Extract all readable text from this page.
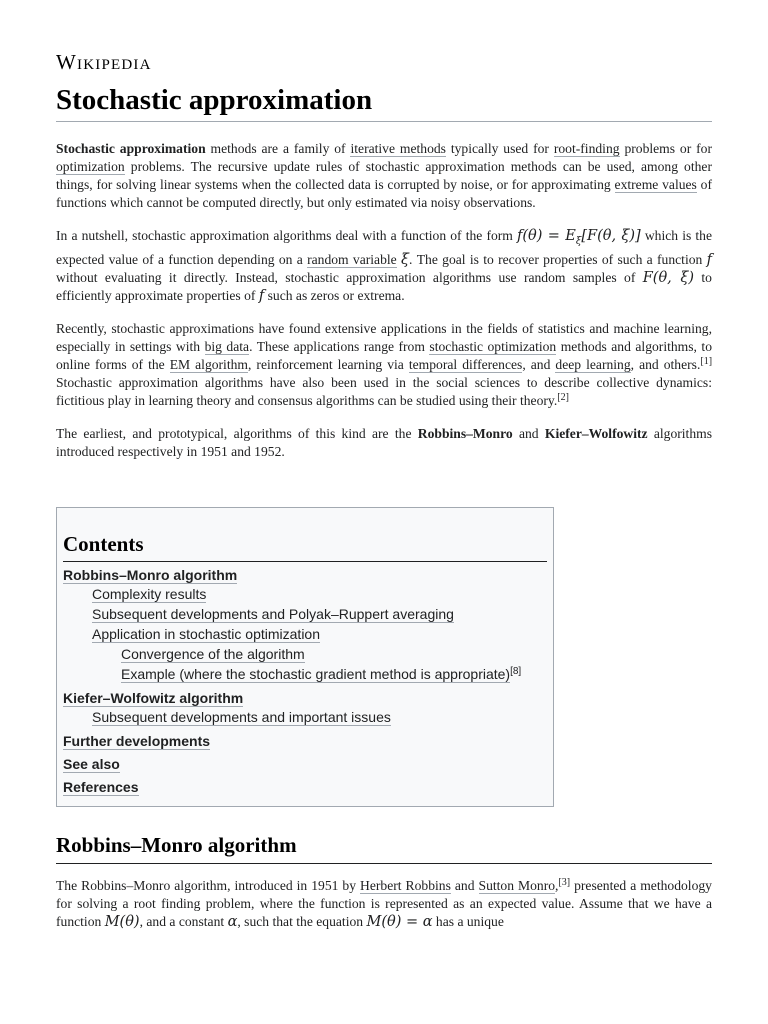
Wikipedia
Stochastic approximation

Stochastic approximation methods are a family of iterative methods typically used for root-finding problems or for optimization problems. The recursive update rules of stochastic approximation methods can be used, among other things, for solving linear systems when the collected data is corrupted by noise, or for approximating extreme values of functions which cannot be computed directly, but only estimated via noisy observations.

In a nutshell, stochastic approximation algorithms deal with a function of the form $f(\theta) = E_\xi[F(\theta$, ξ)] which is the expected value of a function depending on a random variable ξ. The goal is to recover properties of such a function f without evaluating it directly. Instead, stochastic approximation algorithms use random samples of F(θ, ξ) to efficiently approximate properties of f such as zeros or extrema.

Recently, stochastic approximations have found extensive applications in the fields of statistics and machine learning, especially in settings with big data. These applications range from stochastic optimization methods and algorithms, to online forms of the EM algorithm, reinforcement learning via temporal differences, and deep learning, and others.[1] Stochastic approximation algorithms have also been used in the social sciences to describe collective dynamics: fictitious play in learning theory and consensus algorithms can be studied using their theory.[2]

The earliest, and prototypical, algorithms of this kind are the Robbins–Monro and Kiefer–Wolfowitz algorithms introduced respectively in 1951 and 1952.

Contents
Robbins–Monro algorithm
Complexity results
Subsequent developments and Polyak–Ruppert averaging
Application in stochastic optimization
Convergence of the algorithm
Example (where the stochastic gradient method is appropriate)[8]
Kiefer–Wolfowitz algorithm
Subsequent developments and important issues
Further developments
See also
References
Robbins–Monro algorithm

The Robbins–Monro algorithm, introduced in 1951 by Herbert Robbins and Sutton Monro,[3] presented a methodology for solving a root finding problem, where the function is represented as an expected value. Assume that we have a function M(θ), and a constant α, such that the equation M(θ) = α has a unique
